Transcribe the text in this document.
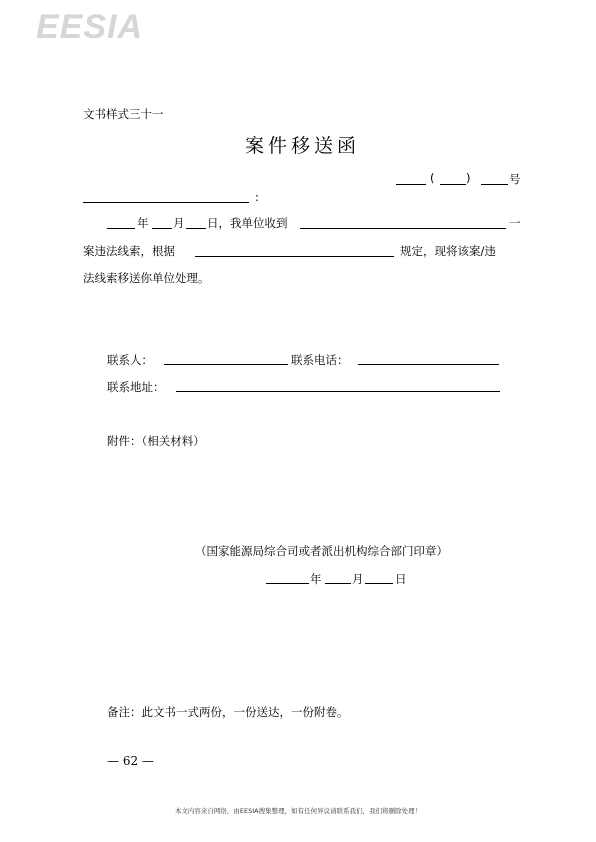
EESIA
文书样式三十一
案件移送函
(	)	号
:
年 月 日，我单位收到	一
案违法线索，根据	规定，现将该案/违
法线索移送你单位处理。
联系人：	联系电话：
联系地址：
附件：（相关材料）
（国家能源局综合司或者派出机构综合部门印章）
年	月	日
备注：此文书一式两份，一份送达，一份附卷。
— 62 —
本文内容来自网络，由EESIA搜集整理，如有任何异议请联系我们，我们将删除处理！
